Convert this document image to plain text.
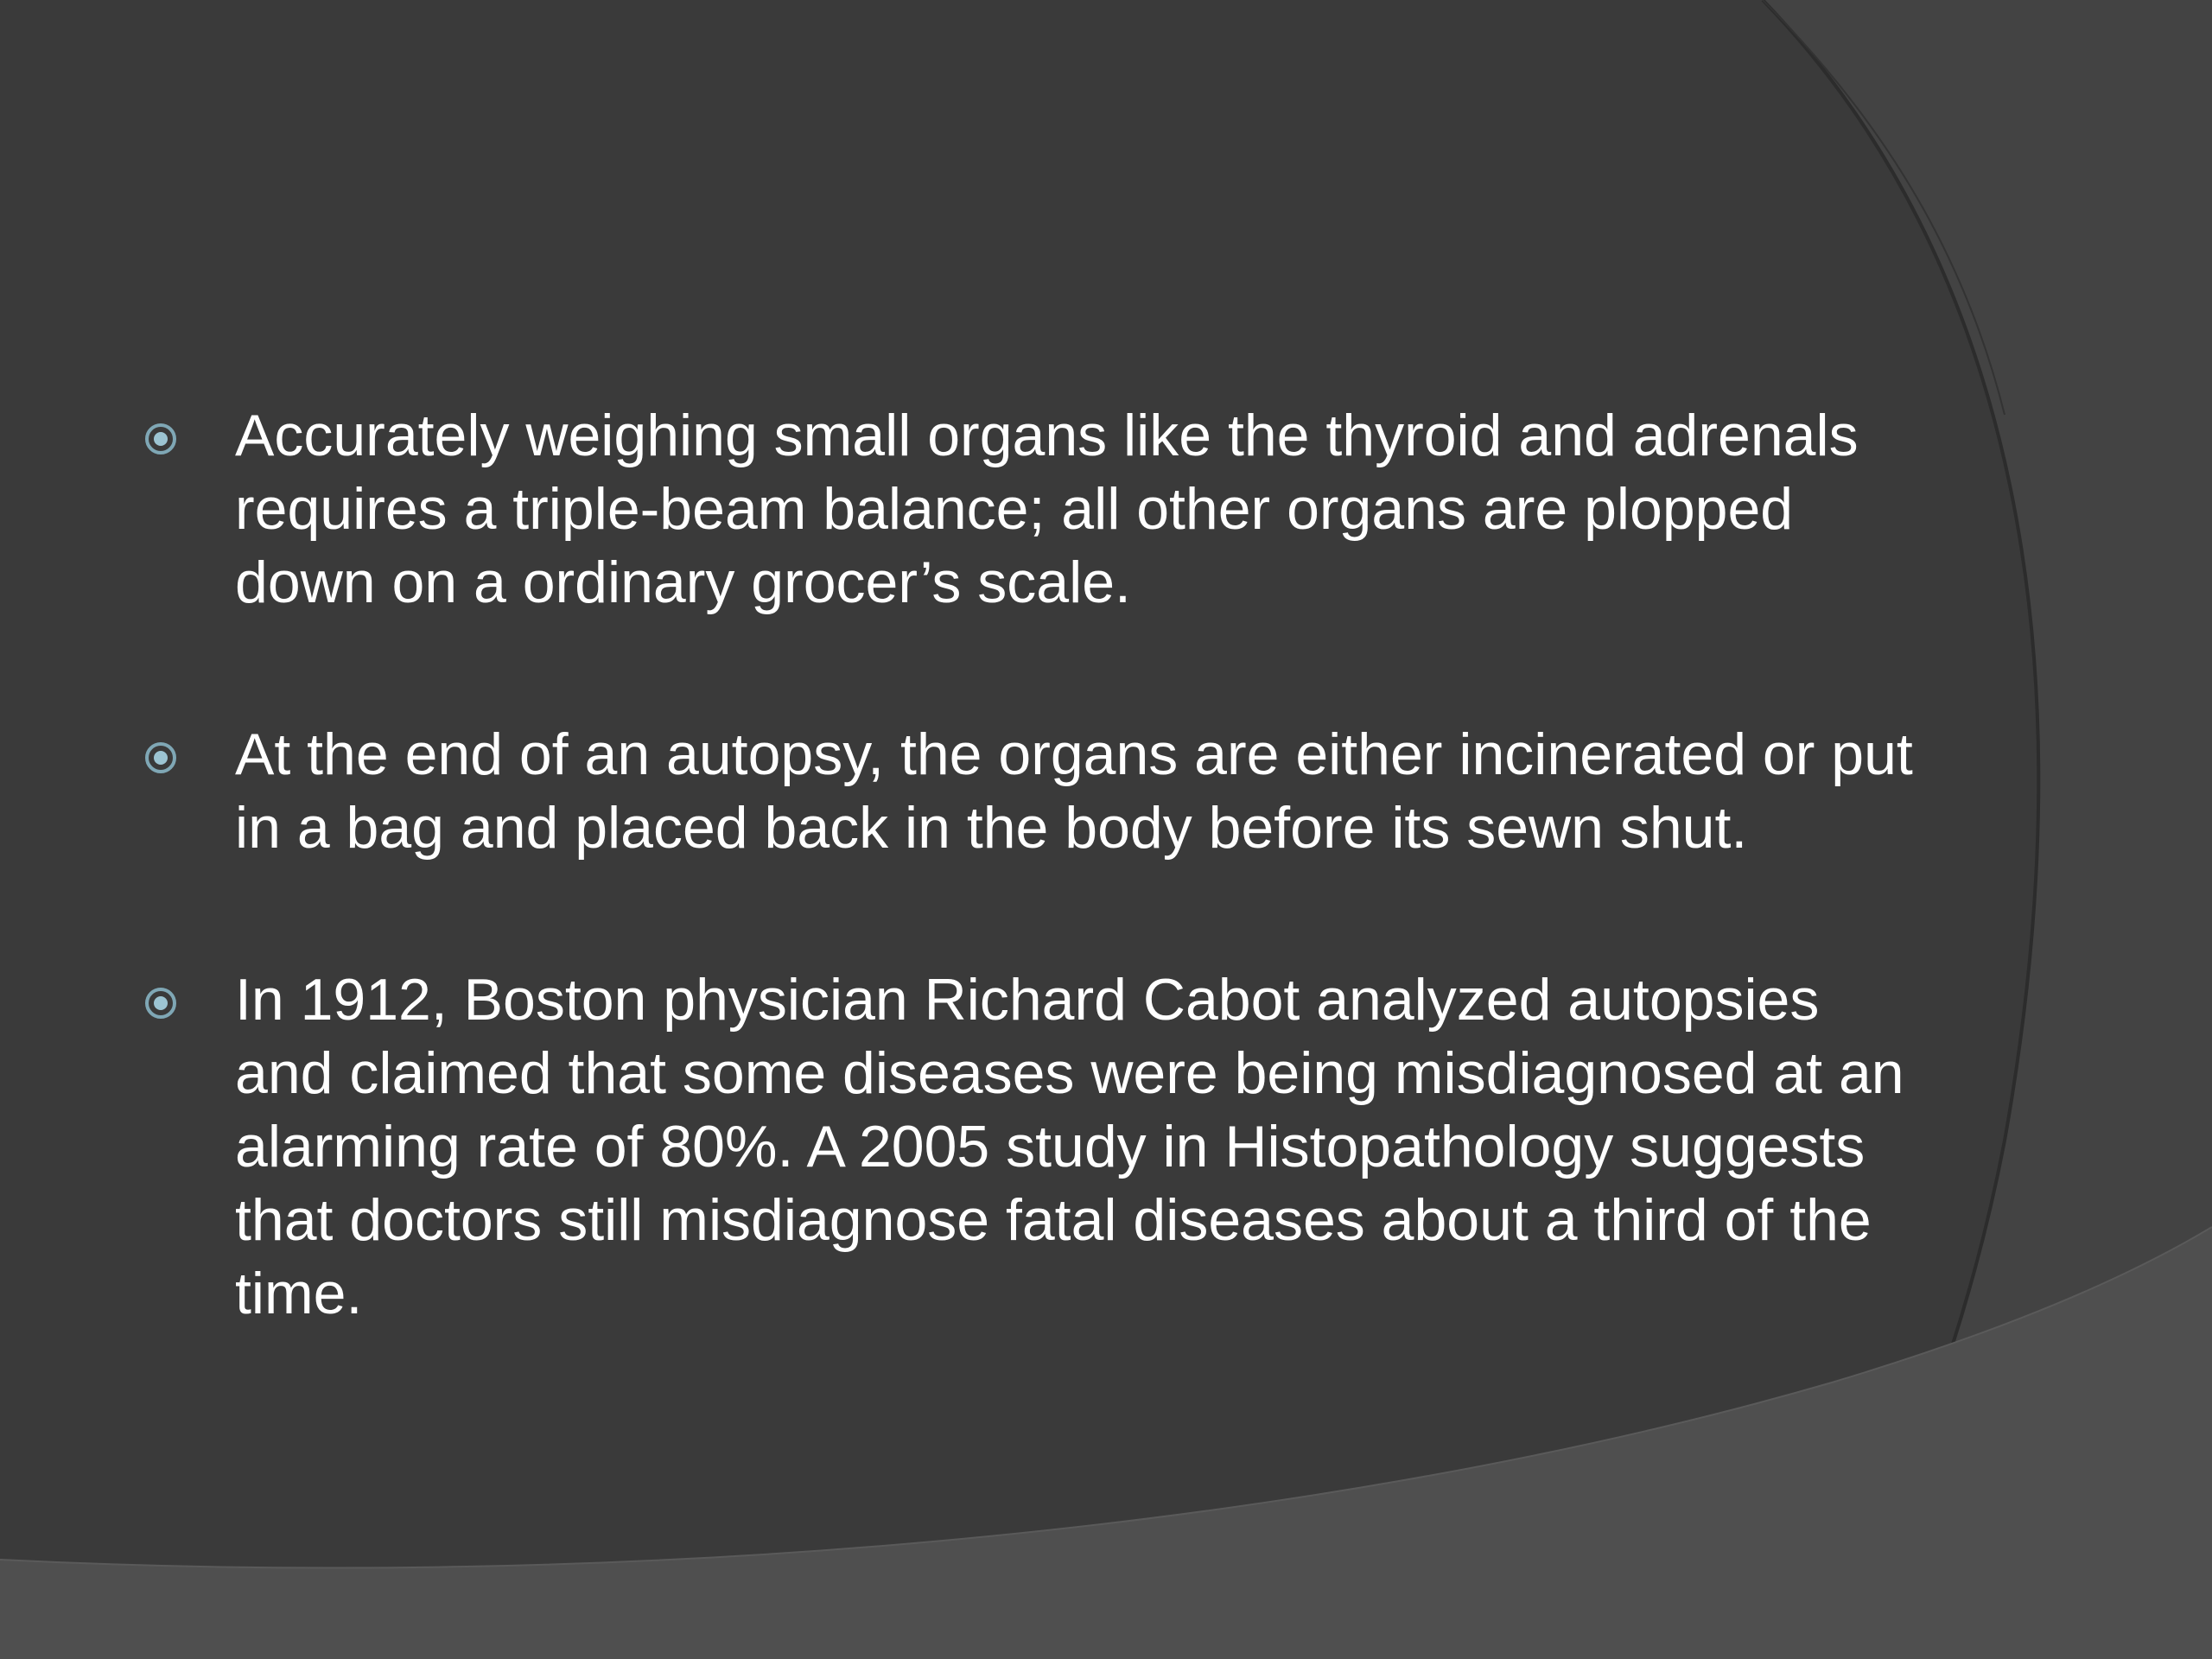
Accurately weighing small organs like the thyroid and adrenals requires a triple-beam balance; all other organs are plopped down on a ordinary grocer’s scale.

At the end of an autopsy, the organs are either incinerated or put in a bag and placed back in the body before its sewn shut.

In 1912, Boston physician Richard Cabot analyzed autopsies and claimed that some diseases were being misdiagnosed at an alarming rate of 80%. A 2005 study in Histopathology suggests that doctors still misdiagnose fatal diseases about a third of the time.
